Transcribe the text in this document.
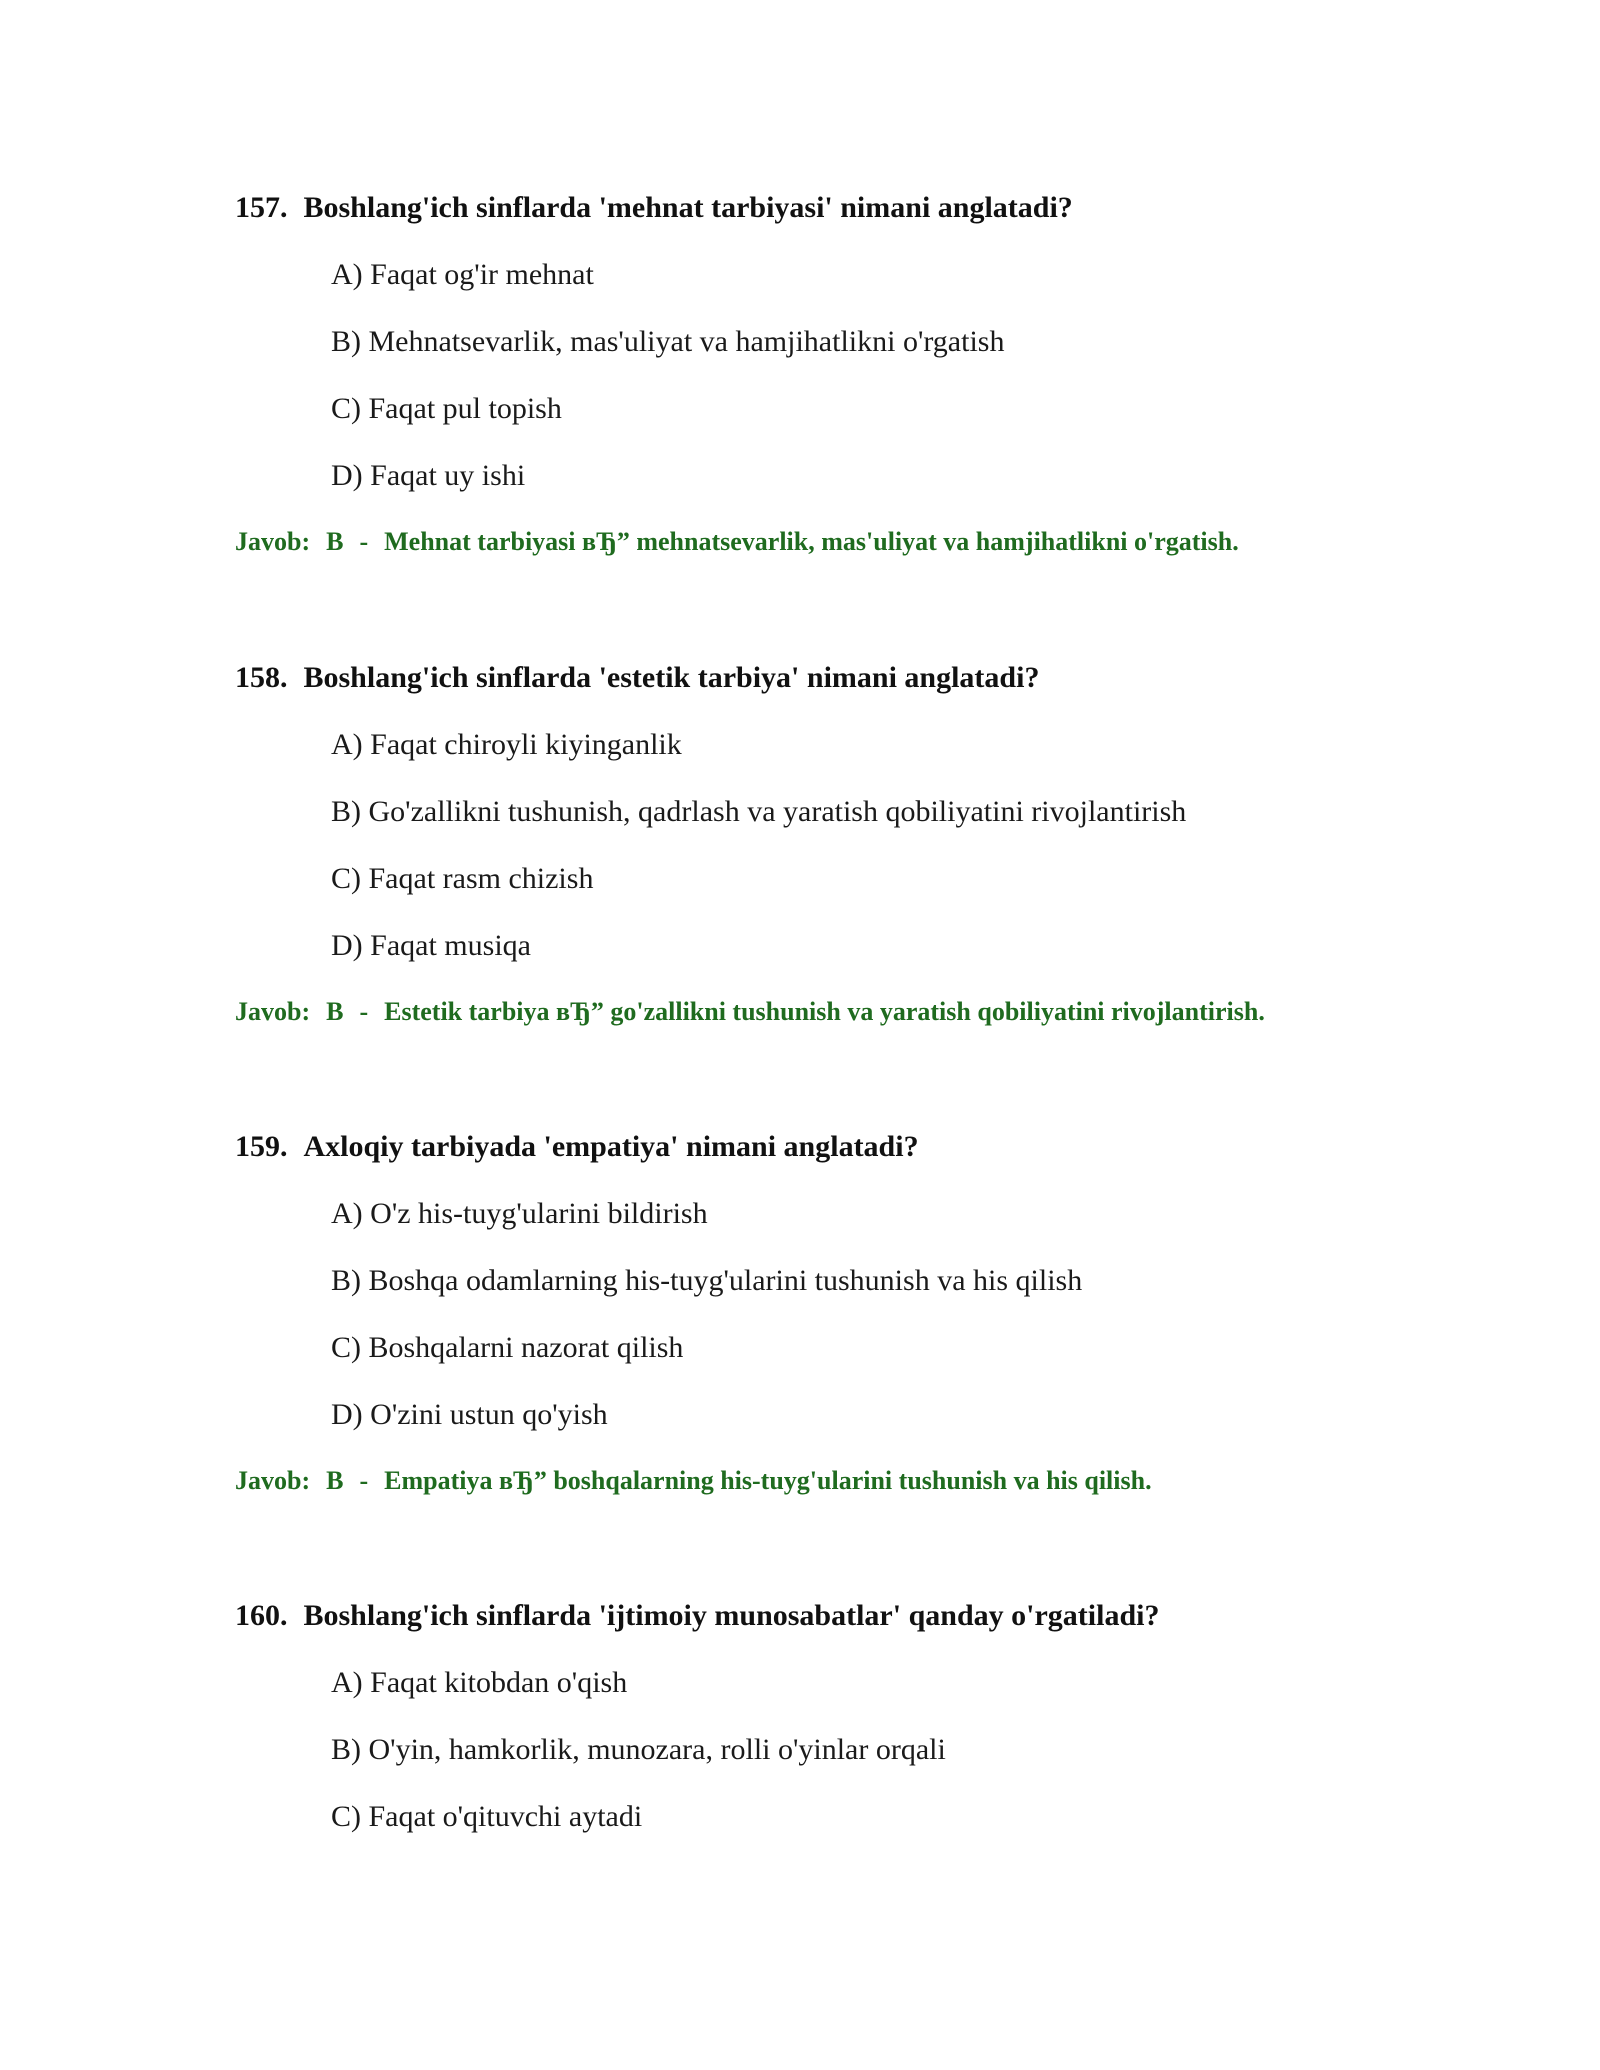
157. Boshlang'ich sinflarda 'mehnat tarbiyasi' nimani anglatadi?
A) Faqat og'ir mehnat
B) Mehnatsevarlik, mas'uliyat va hamjihatlikni o'rgatish
C) Faqat pul topish
D) Faqat uy ishi
Javob: B - Mehnat tarbiyasi вЂ” mehnatsevarlik, mas'uliyat va hamjihatlikni o'rgatish.
158. Boshlang'ich sinflarda 'estetik tarbiya' nimani anglatadi?
A) Faqat chiroyli kiyinganlik
B) Go'zallikni tushunish, qadrlash va yaratish qobiliyatini rivojlantirish
C) Faqat rasm chizish
D) Faqat musiqa
Javob: B - Estetik tarbiya вЂ” go'zallikni tushunish va yaratish qobiliyatini rivojlantirish.
159. Axloqiy tarbiyada 'empatiya' nimani anglatadi?
A) O'z his-tuyg'ularini bildirish
B) Boshqa odamlarning his-tuyg'ularini tushunish va his qilish
C) Boshqalarni nazorat qilish
D) O'zini ustun qo'yish
Javob: B - Empatiya вЂ” boshqalarning his-tuyg'ularini tushunish va his qilish.
160. Boshlang'ich sinflarda 'ijtimoiy munosabatlar' qanday o'rgatiladi?
A) Faqat kitobdan o'qish
B) O'yin, hamkorlik, munozara, rolli o'yinlar orqali
C) Faqat o'qituvchi aytadi
